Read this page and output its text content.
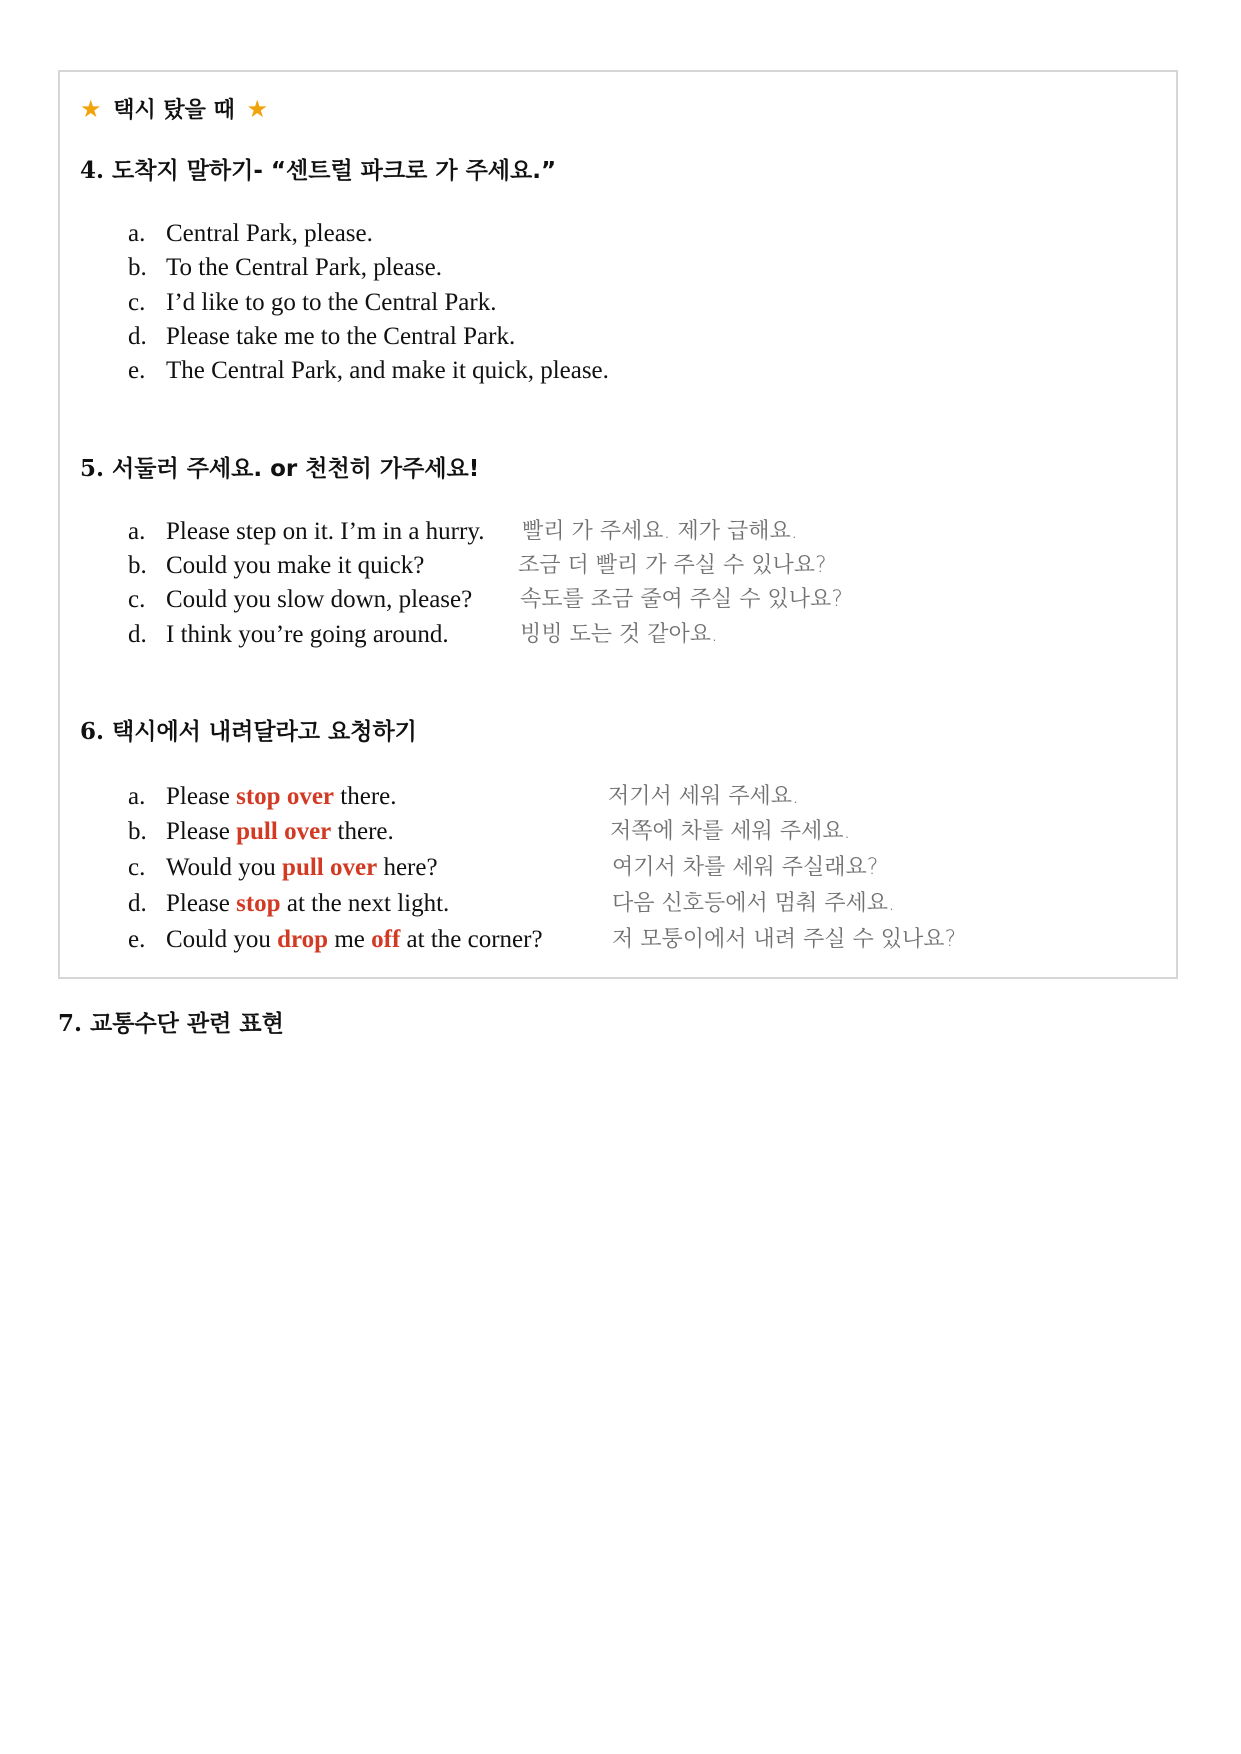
★ 택시 탔을 때 ★
4. 도착지 말하기- “센트럴 파크로 가 주세요.”
a. Central Park, please.
b. To the Central Park, please.
c. I’d like to go to the Central Park.
d. Please take me to the Central Park.
e. The Central Park, and make it quick, please.
5. 서둘러 주세요. or 천천히 가주세요!
a. Please step on it. I’m in a hurry. 빨리 가 주세요. 제가 급해요.
b. Could you make it quick?	조금 더 빨리 가 주실 수 있나요?
c. Could you slow down, please? 속도를 조금 줄여 주실 수 있나요?
d. I think you’re going around.	빙빙 도는 것 같아요.
6. 택시에서 내려달라고 요청하기
a. Please stop over there.	저기서 세워 주세요.
b. Please pull over there.	저쪽에 차를 세워 주세요.
c. Would you pull over here?	여기서 차를 세워 주실래요?
d. Please stop at the next light.	다음 신호등에서 멈춰 주세요.
e. Could you drop me off at the corner?	저 모퉁이에서 내려 주실 수 있나요?
7. 교통수단 관련 표현
